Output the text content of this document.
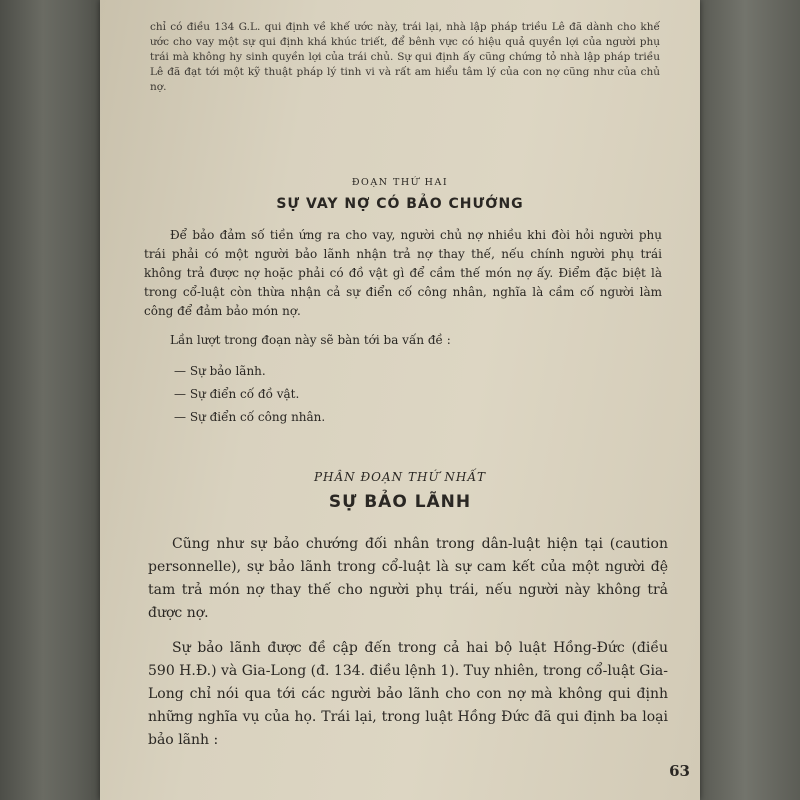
chỉ có điều 134 G.L. qui định về khế ước này, trái lại, nhà lập pháp triều Lê đã dành cho khế ước cho vay một sự qui định khá khúc triết, để bênh vực có hiệu quả quyền lợi của người phụ trái mà không hy sinh quyền lợi của trái chủ. Sự qui định ấy cũng chứng tỏ nhà lập pháp triều Lê đã đạt tới một kỹ thuật pháp lý tinh vi và rất am hiểu tâm lý của con nợ cũng như của chủ nợ.

ĐOẠN THỨ HAI
SỰ VAY NỢ CÓ BẢO CHƯỚNG

Để bảo đảm số tiền ứng ra cho vay, người chủ nợ nhiều khi đòi hỏi người phụ trái phải có một người bảo lãnh nhận trả nợ thay thế, nếu chính người phụ trái không trả được nợ hoặc phải có đồ vật gì để cầm thế món nợ ấy. Điểm đặc biệt là trong cổ-luật còn thừa nhận cả sự điển cố công nhân, nghĩa là cầm cố người làm công để đảm bảo món nợ.

Lần lượt trong đoạn này sẽ bàn tới ba vấn đề :

— Sự bảo lãnh.
— Sự điển cố đồ vật.
— Sự điển cố công nhân.
PHÂN ĐOẠN THỨ NHẤT
SỰ BẢO LÃNH

Cũng như sự bảo chướng đối nhân trong dân-luật hiện tại (caution personnelle), sự bảo lãnh trong cổ-luật là sự cam kết của một người đệ tam trả món nợ thay thế cho người phụ trái, nếu người này không trả được nợ.

Sự bảo lãnh được đề cập đến trong cả hai bộ luật Hồng-Đức (điều 590 H.Đ.) và Gia-Long (đ. 134. điều lệnh 1). Tuy nhiên, trong cổ-luật Gia-Long chỉ nói qua tới các người bảo lãnh cho con nợ mà không qui định những nghĩa vụ của họ. Trái lại, trong luật Hồng Đức đã qui định ba loại bảo lãnh :

63
